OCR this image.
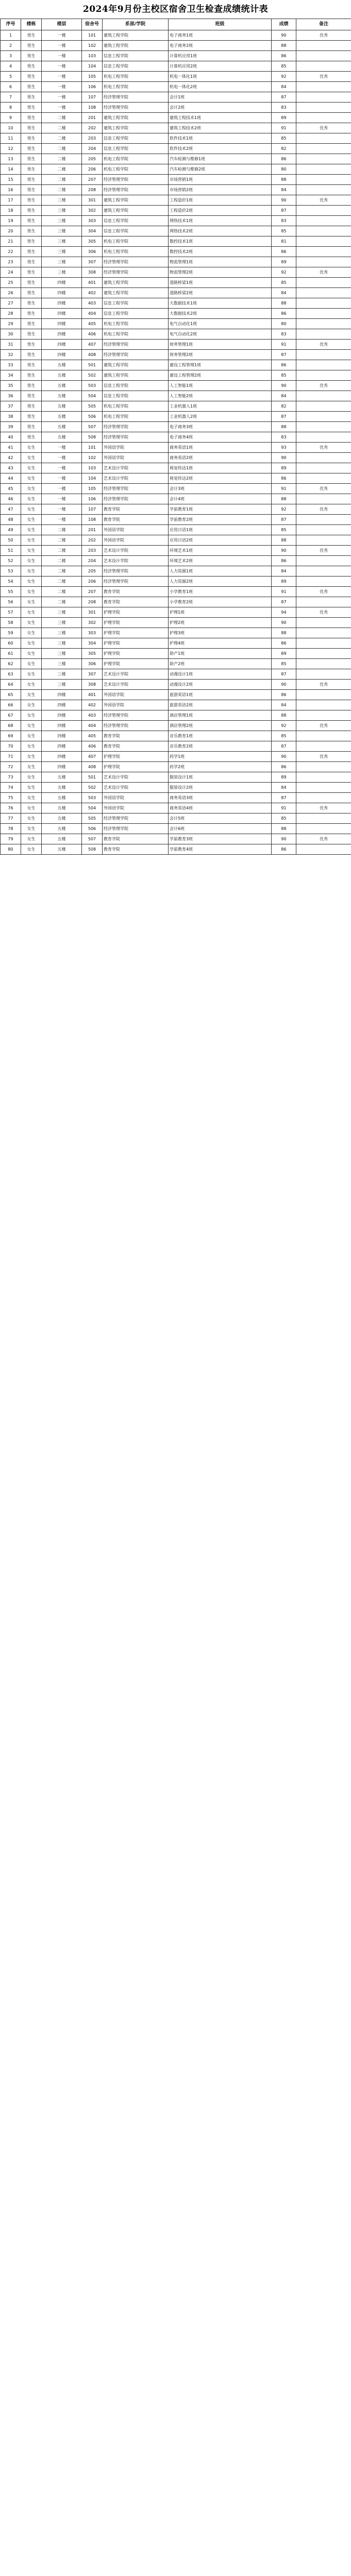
2024年9月份主校区宿舍卫生检查成绩统计表
序号	楼栋	楼层	宿舍号	系部/学院	班级	成绩	备注
1	男生	一楼	101	建筑工程学院	电子商务1班	90	优秀
2	男生	一楼	102	建筑工程学院	电子商务2班	88	
3	男生	一楼	103	信息工程学院	计算机应用1班	86	
4	男生	一楼	104	信息工程学院	计算机应用2班	85	
5	男生	一楼	105	机电工程学院	机电一体化1班	92	优秀
6	男生	一楼	106	机电工程学院	机电一体化2班	84	
7	男生	一楼	107	经济管理学院	会计1班	87	
8	男生	一楼	108	经济管理学院	会计2班	83	
9	男生	二楼	201	建筑工程学院	建筑工程技术1班	89	
10	男生	二楼	202	建筑工程学院	建筑工程技术2班	91	优秀
11	男生	二楼	203	信息工程学院	软件技术1班	85	
12	男生	二楼	204	信息工程学院	软件技术2班	82	
13	男生	二楼	205	机电工程学院	汽车检测与维修1班	86	
14	男生	二楼	206	机电工程学院	汽车检测与维修2班	80	
15	男生	二楼	207	经济管理学院	市场营销1班	88	
16	男生	二楼	208	经济管理学院	市场营销2班	84	
17	男生	三楼	301	建筑工程学院	工程造价1班	90	优秀
18	男生	三楼	302	建筑工程学院	工程造价2班	87	
19	男生	三楼	303	信息工程学院	网络技术1班	83	
20	男生	三楼	304	信息工程学院	网络技术2班	85	
21	男生	三楼	305	机电工程学院	数控技术1班	81	
22	男生	三楼	306	机电工程学院	数控技术2班	86	
23	男生	三楼	307	经济管理学院	物流管理1班	89	
24	男生	三楼	308	经济管理学院	物流管理2班	92	优秀
25	男生	四楼	401	建筑工程学院	道路桥梁1班	85	
26	男生	四楼	402	建筑工程学院	道路桥梁2班	84	
27	男生	四楼	403	信息工程学院	大数据技术1班	88	
28	男生	四楼	404	信息工程学院	大数据技术2班	86	
29	男生	四楼	405	机电工程学院	电气自动化1班	80	
30	男生	四楼	406	机电工程学院	电气自动化2班	83	
31	男生	四楼	407	经济管理学院	财务管理1班	91	优秀
32	男生	四楼	408	经济管理学院	财务管理2班	87	
33	男生	五楼	501	建筑工程学院	建设工程管理1班	86	
34	男生	五楼	502	建筑工程学院	建设工程管理2班	85	
35	男生	五楼	503	信息工程学院	人工智能1班	90	优秀
36	男生	五楼	504	信息工程学院	人工智能2班	84	
37	男生	五楼	505	机电工程学院	工业机器人1班	82	
38	男生	五楼	506	机电工程学院	工业机器人2班	87	
39	男生	五楼	507	经济管理学院	电子商务3班	88	
40	男生	五楼	508	经济管理学院	电子商务4班	83	
41	女生	一楼	101	外国语学院	商务英语1班	93	优秀
42	女生	一楼	102	外国语学院	商务英语2班	90	
43	女生	一楼	103	艺术设计学院	视觉传达1班	89	
44	女生	一楼	104	艺术设计学院	视觉传达2班	86	
45	女生	一楼	105	经济管理学院	会计3班	91	优秀
46	女生	一楼	106	经济管理学院	会计4班	88	
47	女生	一楼	107	教育学院	学前教育1班	92	优秀
48	女生	一楼	108	教育学院	学前教育2班	87	
49	女生	二楼	201	外国语学院	应用日语1班	85	
50	女生	二楼	202	外国语学院	应用日语2班	88	
51	女生	二楼	203	艺术设计学院	环境艺术1班	90	优秀
52	女生	二楼	204	艺术设计学院	环境艺术2班	86	
53	女生	二楼	205	经济管理学院	人力资源1班	84	
54	女生	二楼	206	经济管理学院	人力资源2班	89	
55	女生	二楼	207	教育学院	小学教育1班	91	优秀
56	女生	二楼	208	教育学院	小学教育2班	87	
57	女生	三楼	301	护理学院	护理1班	94	优秀
58	女生	三楼	302	护理学院	护理2班	90	
59	女生	三楼	303	护理学院	护理3班	88	
60	女生	三楼	304	护理学院	护理4班	86	
61	女生	三楼	305	护理学院	助产1班	89	
62	女生	三楼	306	护理学院	助产2班	85	
63	女生	三楼	307	艺术设计学院	动漫设计1班	87	
64	女生	三楼	308	艺术设计学院	动漫设计2班	90	优秀
65	女生	四楼	401	外国语学院	旅游英语1班	86	
66	女生	四楼	402	外国语学院	旅游英语2班	84	
67	女生	四楼	403	经济管理学院	酒店管理1班	88	
68	女生	四楼	404	经济管理学院	酒店管理2班	92	优秀
69	女生	四楼	405	教育学院	音乐教育1班	85	
70	女生	四楼	406	教育学院	音乐教育2班	87	
71	女生	四楼	407	护理学院	药学1班	90	优秀
72	女生	四楼	408	护理学院	药学2班	86	
73	女生	五楼	501	艺术设计学院	服装设计1班	89	
74	女生	五楼	502	艺术设计学院	服装设计2班	84	
75	女生	五楼	503	外国语学院	商务英语3班	87	
76	女生	五楼	504	外国语学院	商务英语4班	91	优秀
77	女生	五楼	505	经济管理学院	会计5班	85	
78	女生	五楼	506	经济管理学院	会计6班	88	
79	女生	五楼	507	教育学院	学前教育3班	90	优秀
80	女生	五楼	508	教育学院	学前教育4班	86	
